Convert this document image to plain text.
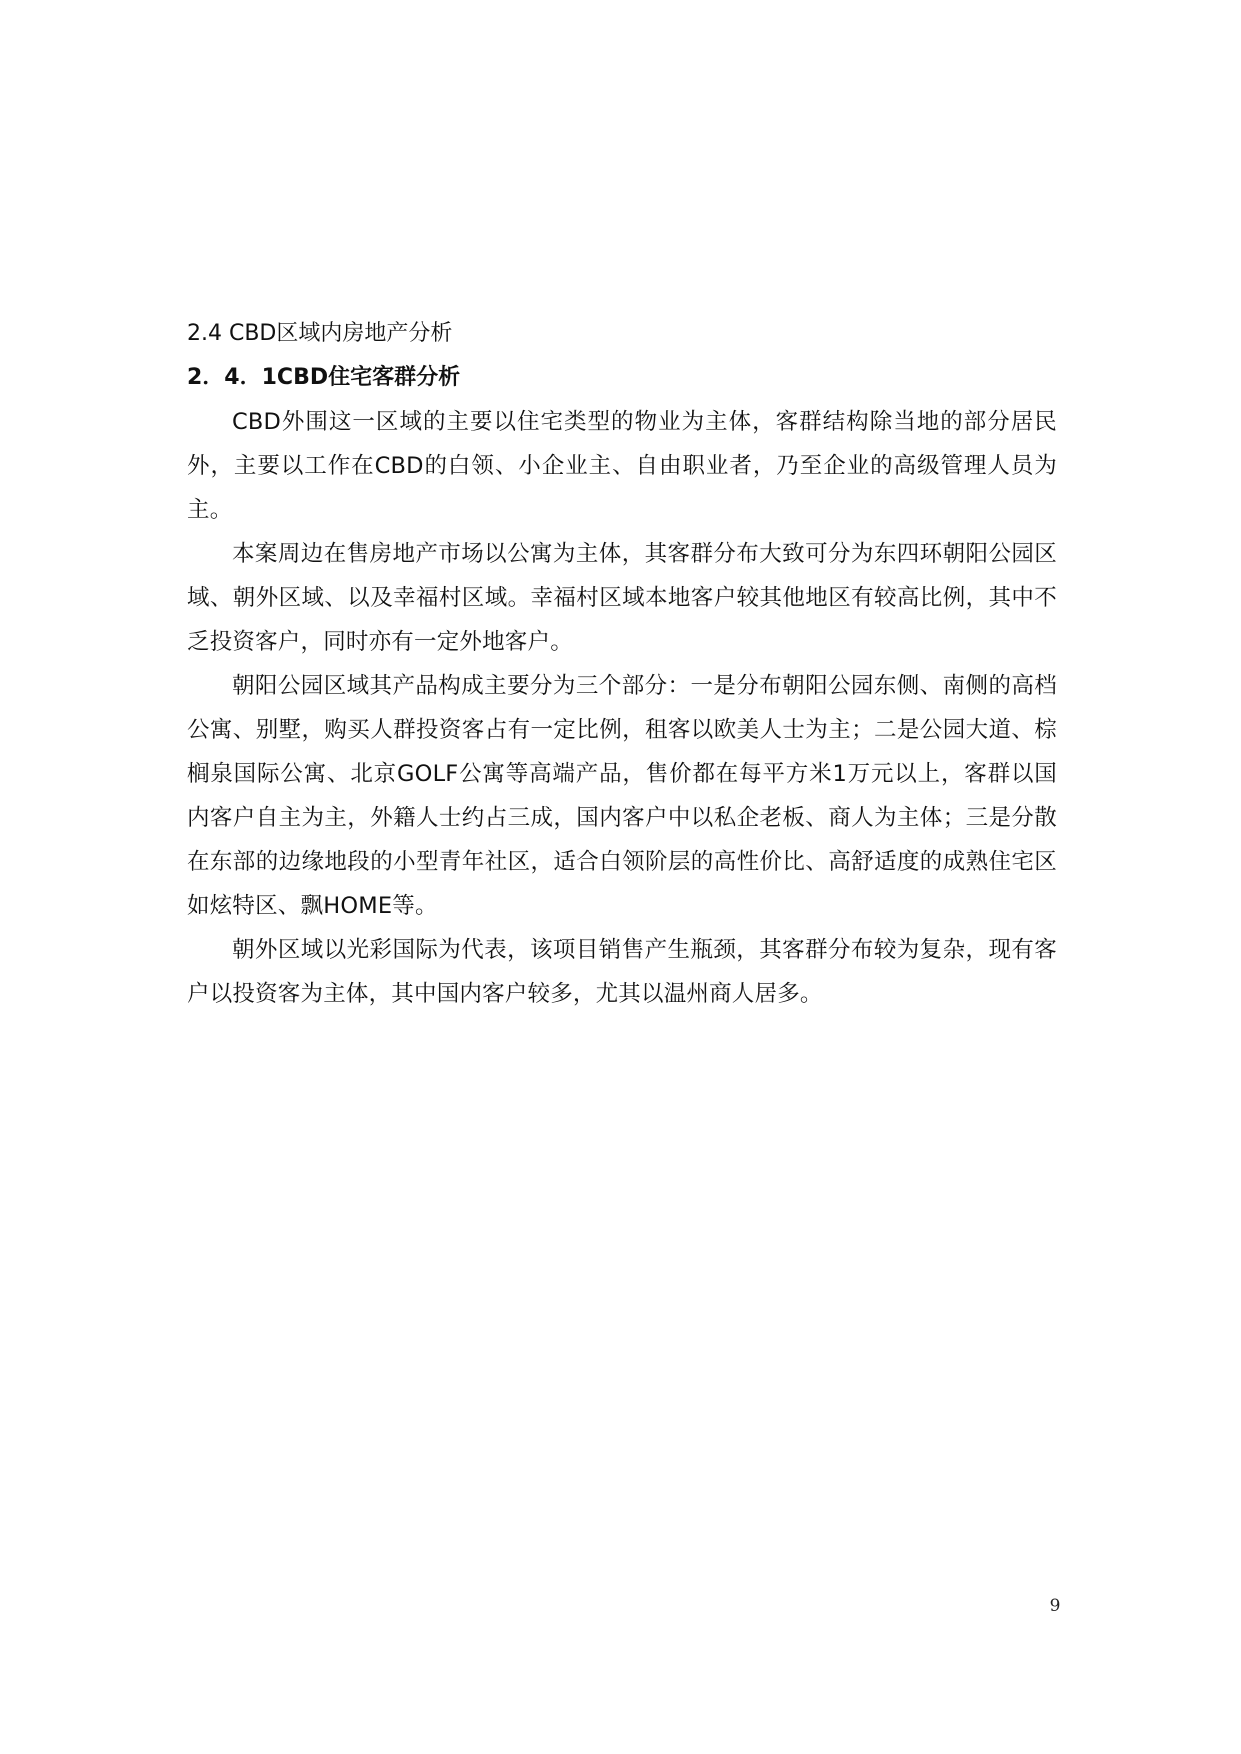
2.4 CBD区域内房地产分析
2．4．1CBD住宅客群分析

CBD外围这一区域的主要以住宅类型的物业为主体，客群结构除当地的部分居民外，主要以工作在CBD的白领、小企业主、自由职业者，乃至企业的高级管理人员为主。

本案周边在售房地产市场以公寓为主体，其客群分布大致可分为东四环朝阳公园区域、朝外区域、以及幸福村区域。幸福村区域本地客户较其他地区有较高比例，其中不乏投资客户，同时亦有一定外地客户。

朝阳公园区域其产品构成主要分为三个部分：一是分布朝阳公园东侧、南侧的高档公寓、别墅，购买人群投资客占有一定比例，租客以欧美人士为主；二是公园大道、棕榈泉国际公寓、北京GOLF公寓等高端产品，售价都在每平方米1万元以上，客群以国内客户自主为主，外籍人士约占三成，国内客户中以私企老板、商人为主体；三是分散在东部的边缘地段的小型青年社区，适合白领阶层的高性价比、高舒适度的成熟住宅区如炫特区、飘HOME等。

朝外区域以光彩国际为代表，该项目销售产生瓶颈，其客群分布较为复杂，现有客户以投资客为主体，其中国内客户较多，尤其以温州商人居多。

9
